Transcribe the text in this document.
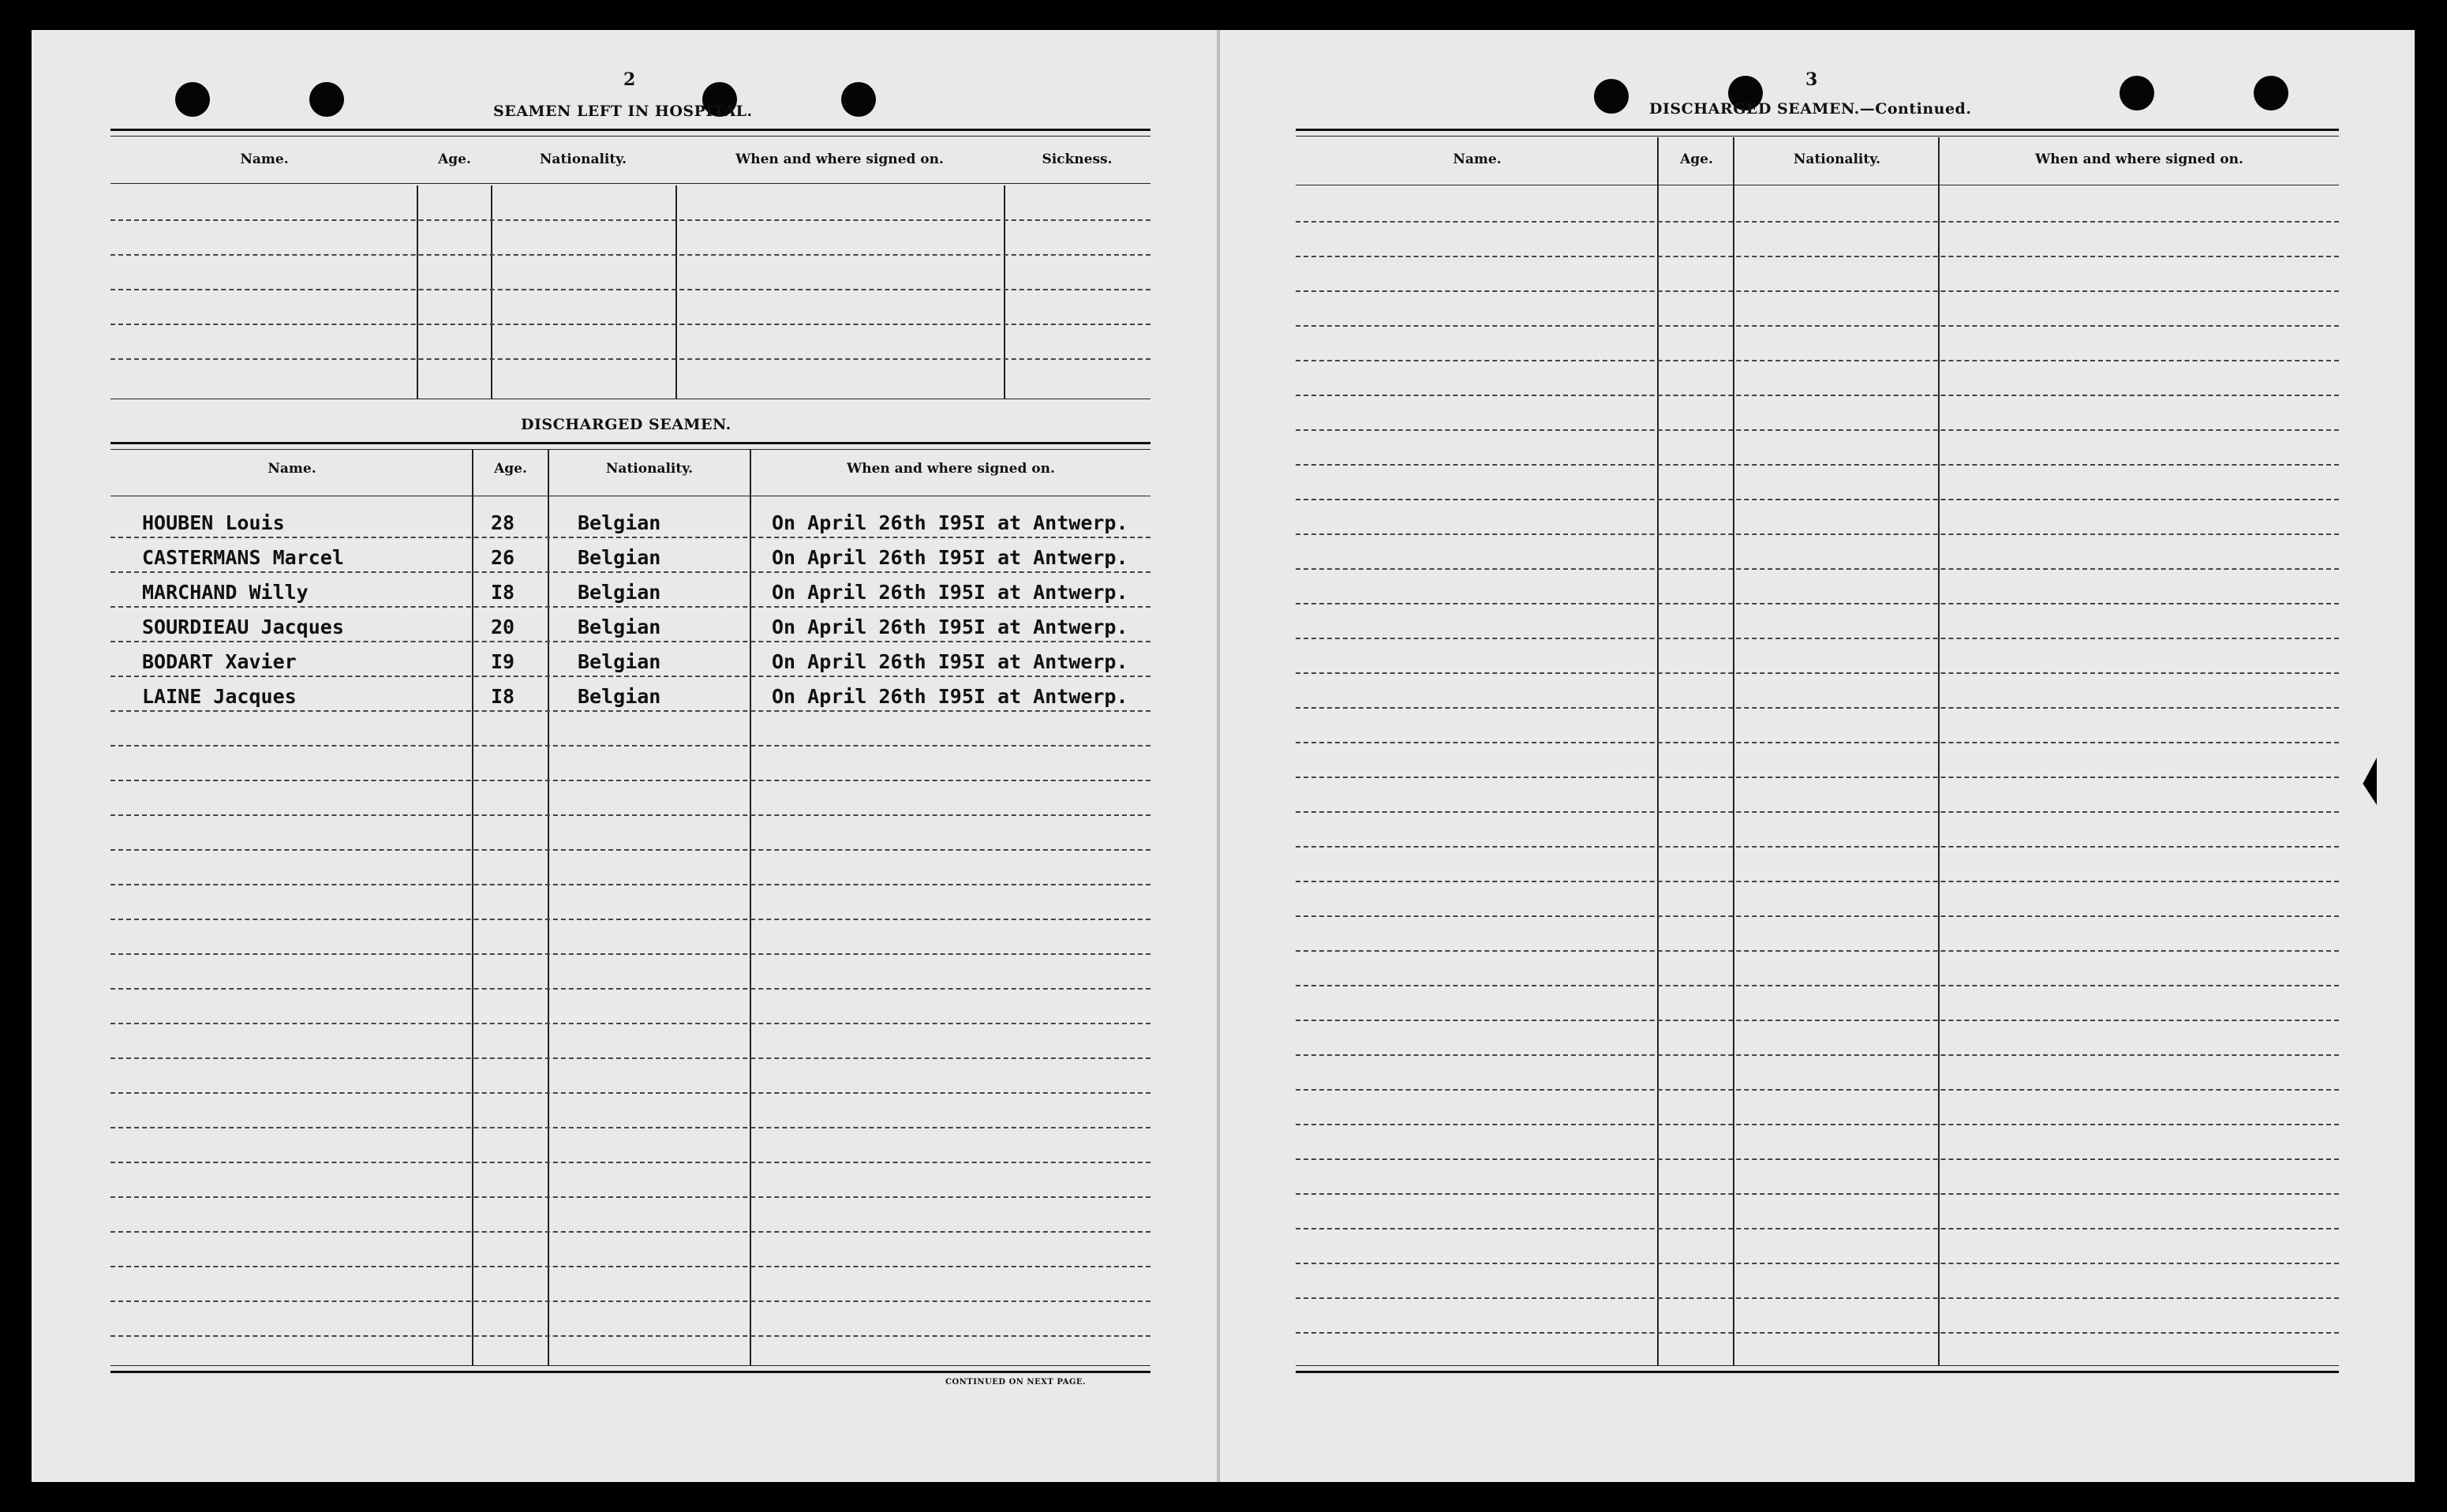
2
SEAMEN LEFT IN HOSPITAL.
Name.	Age.	Nationality.	When and where signed on.	Sickness.
DISCHARGED SEAMEN.
Name.	Age.	Nationality.	When and where signed on.
HOUBEN Louis	28	Belgian	On April 26th I95I at Antwerp.
CASTERMANS Marcel	26	Belgian	On April 26th I95I at Antwerp.
MARCHAND Willy	I8	Belgian	On April 26th I95I at Antwerp.
SOURDIEAU Jacques	20	Belgian	On April 26th I95I at Antwerp.
BODART Xavier	I9	Belgian	On April 26th I95I at Antwerp.
LAINE Jacques	I8	Belgian	On April 26th I95I at Antwerp.
CONTINUED ON NEXT PAGE.
3
DISCHARGED SEAMEN.—Continued.
Name.	Age.	Nationality.	When and where signed on.
